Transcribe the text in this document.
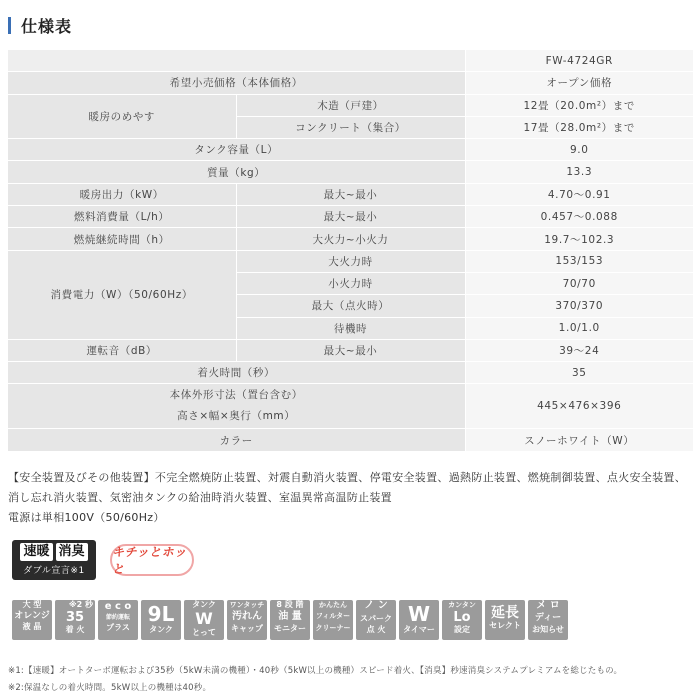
仕様表
		FW-4724GR
希望小売価格（本体価格）		オープン価格
暖房のめやす	木造（戸建）	12畳（20.0m²）まで
	コンクリート（集合）	17畳（28.0m²）まで
タンク容量（L）		9.0
質量（kg）		13.3
暖房出力（kW）	最大~最小	4.70～0.91
燃料消費量（L/h）	最大~最小	0.457～0.088
燃焼継続時間（h）	大火力~小火力	19.7～102.3
消費電力（W）（50/60Hz）	大火力時	153/153
	小火力時	70/70
	最大（点火時）	370/370
	待機時	1.0/1.0
運転音（dB）	最大~最小	39～24
着火時間（秒）		35

本体外形寸法（置台含む）
高さ×幅×奥行（mm）		445×476×396
カラー		スノーホワイト（W）
【安全装置及びその他装置】不完全燃焼防止装置、対震自動消火装置、停電安全装置、過熱防止装置、燃焼制御装置、点火安全装置、消し忘れ消火装置、気密油タンクの給油時消火装置、室温異常高温防止装置
電源は単相100V（50/60Hz）
速暖 消臭
ダブル宣言※1
キチッとホッと
大 型
オレンジ
液 晶
※2 秒
35
着 火
e c o
節約運転
プラス
9L
タンク
タンク
W
とって
ワンタッチ
汚れん
キャップ
8 段 階
油 量
モニター
かんたん
フィルター
クリーナー
ノ ン
スパーク
点 火
W
タイマー
カンタン
Lo
設定
延長
セレクト
メ ロ
ディー
お知らせ
※1:【速暖】オートターボ運転および35秒（5kW未満の機種）・40秒（5kW以上の機種）スピード着火、【消臭】秒速消臭システムプレミアムを総じたもの。
※2:保温なしの着火時間。5kW以上の機種は40秒。
